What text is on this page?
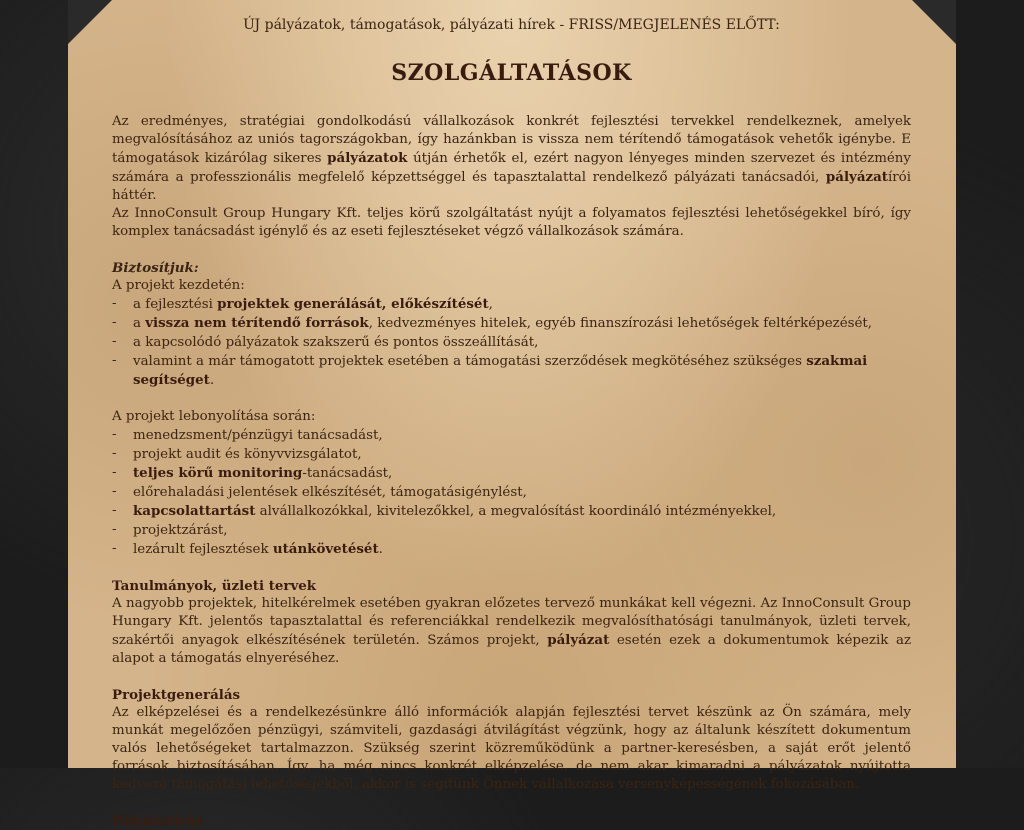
ÚJ pályázatok, támogatások, pályázati hírek - FRISS/MEGJELENÉS ELŐTT:
SZOLGÁLTATÁSOK

Az eredményes, stratégiai gondolkodású vállalkozások konkrét fejlesztési tervekkel rendelkeznek, amelyek megvalósításához az uniós tagországokban, így hazánkban is vissza nem térítendő támogatások vehetők igénybe. E támogatások kizárólag sikeres pályázatok útján érhetők el, ezért nagyon lényeges minden szervezet és intézmény számára a professzionális megfelelő képzettséggel és tapasztalattal rendelkező pályázati tanácsadói, pályázatírói háttér.

Az InnoConsult Group Hungary Kft. teljes körű szolgáltatást nyújt a folyamatos fejlesztési lehetőségekkel bíró, így komplex tanácsadást igénylő és az eseti fejlesztéseket végző vállalkozások számára.

Biztosítjuk:
A projekt kezdetén:
-	a fejlesztési projektek generálását, előkészítését,
-	a vissza nem térítendő források, kedvezményes hitelek, egyéb finanszírozási lehetőségek feltérképezését,
-	a kapcsolódó pályázatok szakszerű és pontos összeállítását,
-	valamint a már támogatott projektek esetében a támogatási szerződések megkötéséhez szükséges szakmai segítséget.
A projekt lebonyolítása során:
-	menedzsment/pénzügyi tanácsadást,
-	projekt audit és könyvvizsgálatot,
-	teljes körű monitoring-tanácsadást,
-	előrehaladási jelentések elkészítését, támogatásigénylést,
-	kapcsolattartást alvállalkozókkal, kivitelezőkkel, a megvalósítást koordináló intézményekkel,
-	projektzárást,
-	lezárult fejlesztések utánkövetését.
Tanulmányok, üzleti tervek

A nagyobb projektek, hitelkérelmek esetében gyakran előzetes tervező munkákat kell végezni. Az InnoConsult Group Hungary Kft. jelentős tapasztalattal és referenciákkal rendelkezik megvalósíthatósági tanulmányok, üzleti tervek, szakértői anyagok elkészítésének területén. Számos projekt, pályázat esetén ezek a dokumentumok képezik az alapot a támogatás elnyeréséhez.

Projektgenerálás

Az elképzelései és a rendelkezésünkre álló információk alapján fejlesztési tervet készünk az Ön számára, mely munkát megelőzően pénzügyi, számviteli, gazdasági átvilágítást végzünk, hogy az általunk készített dokumentum valós lehetőségeket tartalmazzon. Szükség szerint közreműködünk a partner-keresésben, a saját erőt jelentő források biztosításában. Így, ha még nincs konkrét elképzelése, de nem akar kimaradni a pályázatok nyújtotta kedvező támogatási lehetőségekből, akkor is segítünk Önnek vállalkozása versenyképességének fokozásában.

Pályázatírás
